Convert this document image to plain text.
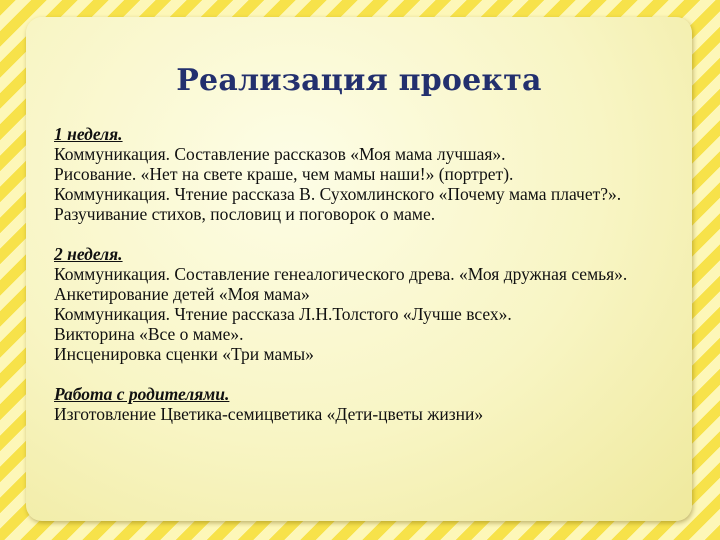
Реализация проекта
1 неделя.
Коммуникация. Составление рассказов «Моя мама лучшая».
Рисование. «Нет на свете краше, чем мамы наши!» (портрет).
Коммуникация. Чтение рассказа В. Сухомлинского «Почему мама плачет?».
Разучивание стихов, пословиц и поговорок о маме.
2 неделя.
Коммуникация. Составление генеалогического древа. «Моя дружная семья».
Анкетирование детей «Моя мама»
Коммуникация. Чтение рассказа Л.Н.Толстого «Лучше всех».
Викторина «Все о маме».
Инсценировка сценки «Три мамы»
Работа с родителями.
Изготовление Цветика-семицветика «Дети-цветы жизни»
